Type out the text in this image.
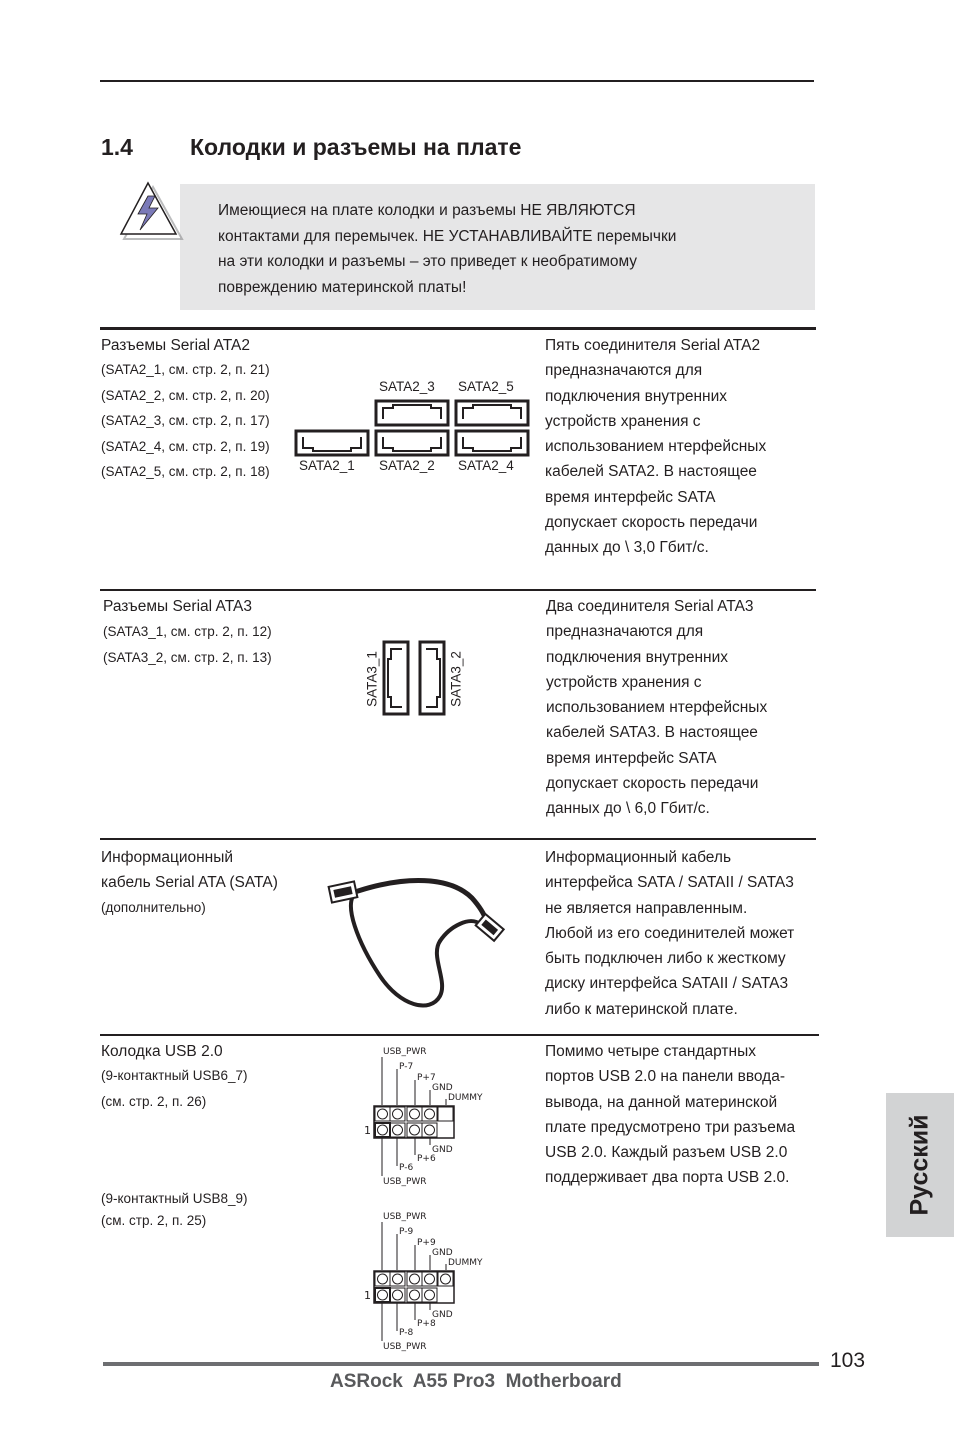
1.4 Колодки и разъемы на плате
Имеющиеся на плате колодки и разъемы НЕ ЯВЛЯЮТСЯ
контактами для перемычек. НЕ УСТАНАВЛИВАЙТЕ перемычки
на эти колодки и разъемы – это приведет к необратимому
повреждению материнской платы!
Разъемы Serial ATA2
(SATA2_1, см. стр. 2, п. 21)
(SATA2_2, см. стр. 2, п. 20)
(SATA2_3, см. стр. 2, п. 17)
(SATA2_4, см. стр. 2, п. 19)
(SATA2_5, см. стр. 2, п. 18)
SATA2_3 SATA2_5
SATA2_1 SATA2_2 SATA2_4
Пять соединителя Serial ATA2
предназначаются для
подключения внутренних
устройств хранения с
использованием нтерфейсных
кабелей SATA2. В настоящее
время интерфейс SATA
допускает скорость передачи
данных до \ 3,0 Гбит/с.
Разъемы Serial ATA3
(SATA3_1, см. стр. 2, п. 12)
(SATA3_2, см. стр. 2, п. 13)	SATA3_1	SATA3_2
Два соединителя Serial ATA3
предназначаются для
подключения внутренних
устройств хранения с
использованием нтерфейсных
кабелей SATA3. В настоящее
время интерфейс SATA
допускает скорость передачи
данных до \ 6,0 Гбит/с.
Информационный
кабель Serial ATA (SATA)
(дополнительно)
Информационный кабель
интерфейса SATA / SATAII / SATA3
не является направленным.
Любой из его соединителей может
быть подключен либо к жесткому
диску интерфейса SATAII / SATA3
либо к материнской плате.
Колодка USB 2.0
(9-контактный USB6_7)
(см. стр. 2, п. 26)
(9-контактный USB8_9)
(см. стр. 2, п. 25)
USB_PWR
P-7
P+7
GND
DUMMY
1
GND
P+6
P-6
USB_PWR
USB_PWR
P-9
P+9
GND
DUMMY
1
GND
P+8
P-8
USB_PWR
Помимо четыре стандартных
портов USB 2.0 на панели ввода-
вывода, на данной материнской
плате предусмотрено три разъема
USB 2.0. Каждый разъем USB 2.0
поддерживает два порта USB 2.0.	Русский
103
ASRock  A55 Pro3  Motherboard
